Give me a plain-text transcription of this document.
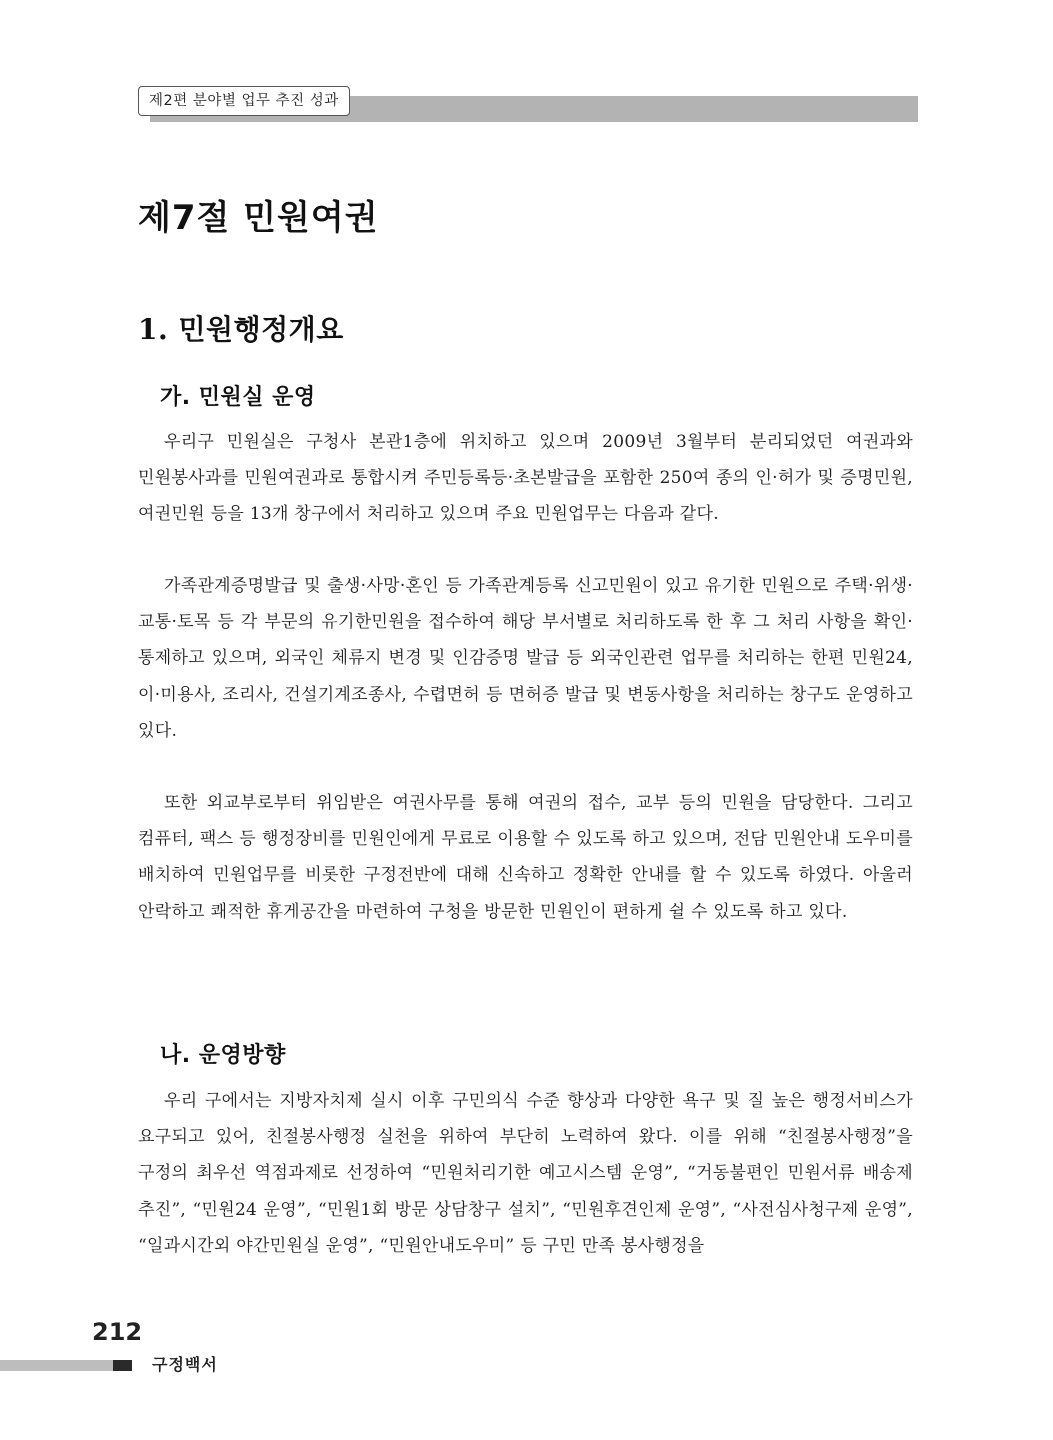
제2편 분야별 업무 추진 성과
제7절 민원여권
1. 민원행정개요
가. 민원실 운영

우리구 민원실은 구청사 본관1층에 위치하고 있으며 2009년 3월부터 분리되었던 여권과와 민원봉사과를 민원여권과로 통합시켜 주민등록등·초본발급을 포함한 250여 종의 인·허가 및 증명민원, 여권민원 등을 13개 창구에서 처리하고 있으며 주요 민원업무는 다음과 같다.

가족관계증명발급 및 출생·사망·혼인 등 가족관계등록 신고민원이 있고 유기한 민원으로 주택·위생·교통·토목 등 각 부문의 유기한민원을 접수하여 해당 부서별로 처리하도록 한 후 그 처리 사항을 확인·통제하고 있으며, 외국인 체류지 변경 및 인감증명 발급 등 외국인관련 업무를 처리하는 한편 민원24, 이·미용사, 조리사, 건설기계조종사, 수렵면허 등 면허증 발급 및 변동사항을 처리하는 창구도 운영하고 있다.

또한 외교부로부터 위임받은 여권사무를 통해 여권의 접수, 교부 등의 민원을 담당한다. 그리고 컴퓨터, 팩스 등 행정장비를 민원인에게 무료로 이용할 수 있도록 하고 있으며, 전담 민원안내 도우미를 배치하여 민원업무를 비롯한 구정전반에 대해 신속하고 정확한 안내를 할 수 있도록 하였다. 아울러 안락하고 쾌적한 휴게공간을 마련하여 구청을 방문한 민원인이 편하게 쉴 수 있도록 하고 있다.

나. 운영방향

우리 구에서는 지방자치제 실시 이후 구민의식 수준 향상과 다양한 욕구 및 질 높은 행정서비스가 요구되고 있어, 친절봉사행정 실천을 위하여 부단히 노력하여 왔다. 이를 위해 “친절봉사행정”을 구정의 최우선 역점과제로 선정하여 “민원처리기한 예고시스템 운영”, “거동불편인 민원서류 배송제 추진”, “민원24 운영”, “민원1회 방문 상담창구 설치”, “민원후견인제 운영”, “사전심사청구제 운영”, “일과시간외 야간민원실 운영”, “민원안내도우미” 등 구민 만족 봉사행정을

212
구정백서
